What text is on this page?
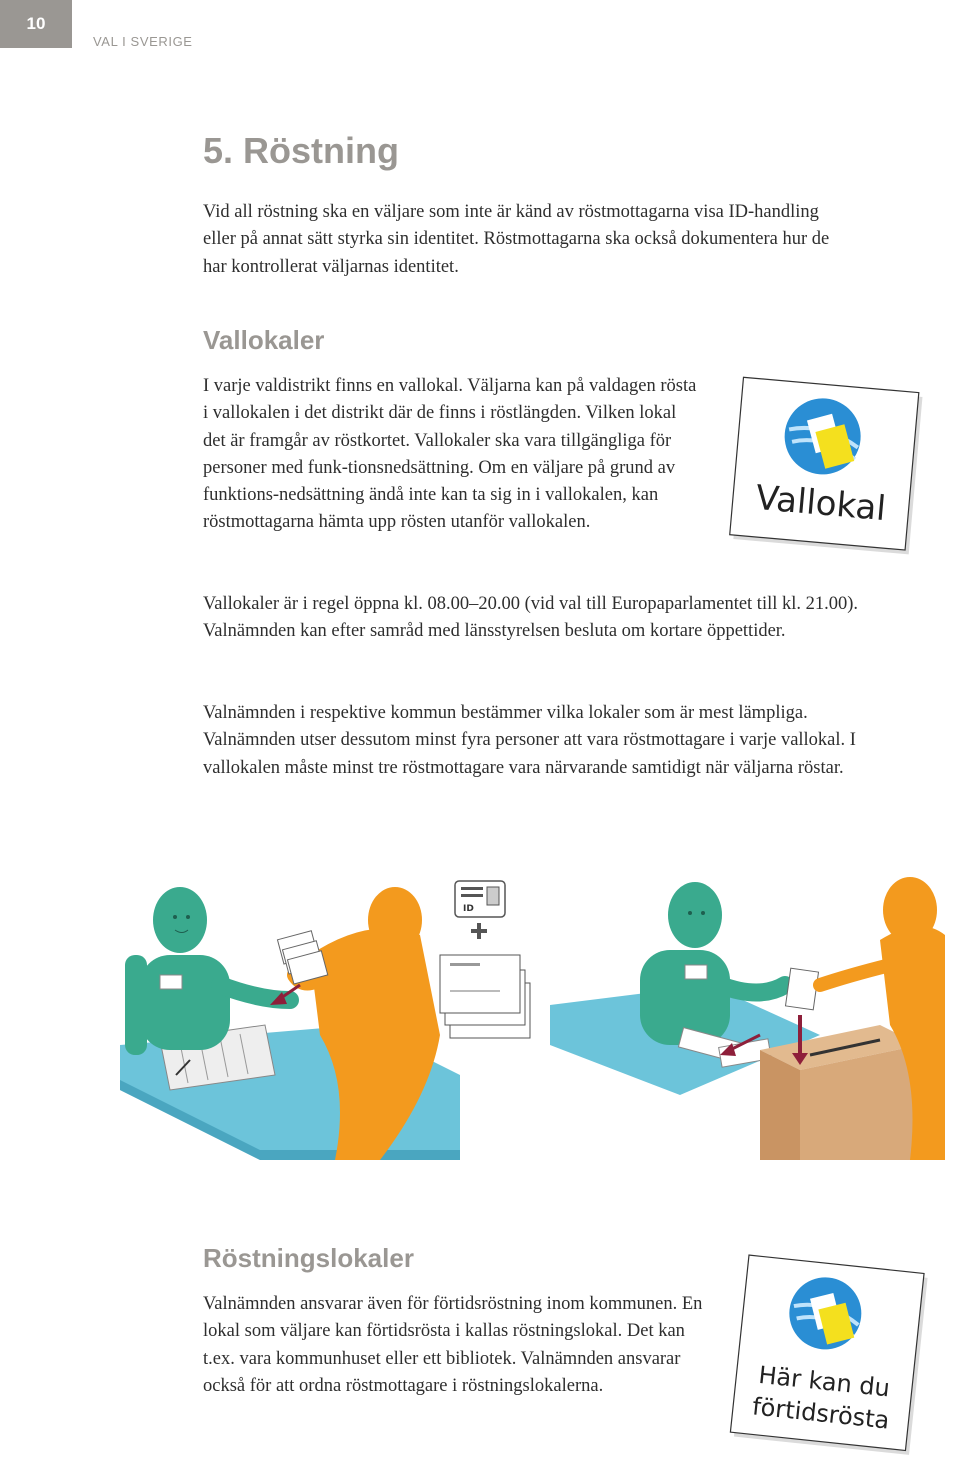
10
VAL I SVERIGE
5. Röstning

Vid all röstning ska en väljare som inte är känd av röstmottagarna visa ID-handling eller på annat sätt styrka sin identitet. Röstmottagarna ska också dokumentera hur de har kontrollerat väljarnas identitet.

Vallokaler

I varje valdistrikt finns en vallokal. Väljarna kan på valdagen rösta i vallokalen i det distrikt där de finns i röstlängden. Vilken lokal det är framgår av röstkortet. Vallokaler ska vara tillgängliga för personer med funk-tionsnedsättning. Om en väljare på grund av funktions-nedsättning ändå inte kan ta sig in i vallokalen, kan röstmottagarna hämta upp rösten utanför vallokalen.	Vallokal

Vallokaler är i regel öppna kl. 08.00–20.00 (vid val till Europaparlamentet till kl. 21.00). Valnämnden kan efter samråd med länsstyrelsen besluta om kortare öppettider.

Valnämnden i respektive kommun bestämmer vilka lokaler som är mest lämpliga. Valnämnden utser dessutom minst fyra personer att vara röstmottagare i varje vallokal. I vallokalen måste minst tre röstmottagare vara närvarande samtidigt när väljarna röstar.

ID
Röstningslokaler

Valnämnden ansvarar även för förtidsröstning inom kommunen. En lokal som väljare kan förtidsrösta i kallas röstningslokal. Det kan t.ex. vara kommunhuset eller ett bibliotek. Valnämnden ansvarar också för att ordna röstmottagare i röstningslokalerna.	Här kan du
förtidsrösta
